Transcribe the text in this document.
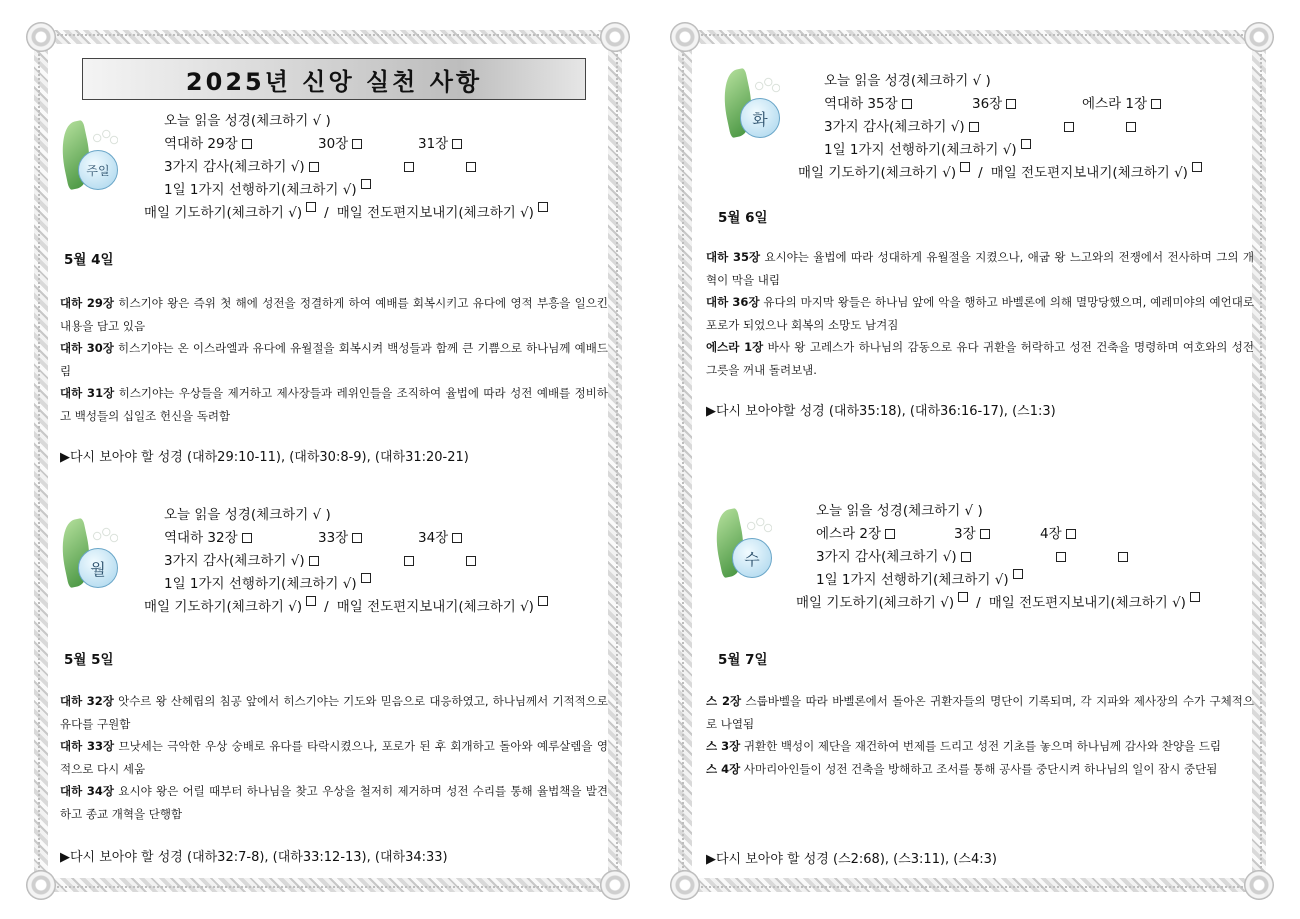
2025년 신앙 실천 사항
주일
오늘 읽을 성경(체크하기 √ )
역대하 29장	30장	31장
3가지 감사(체크하기 √)
1일 1가지 선행하기(체크하기 √)
매일 기도하기(체크하기 √) / 매일 전도편지보내기(체크하기 √)
5월 4일

대하 29장 히스기야 왕은 즉위 첫 해에 성전을 정결하게 하여 예배를 회복시키고 유다에 영적 부흥을 일으킨 내용을 담고 있음

대하 30장 히스기야는 온 이스라엘과 유다에 유월절을 회복시켜 백성들과 함께 큰 기쁨으로 하나님께 예배드림

대하 31장 히스기야는 우상들을 제거하고 제사장들과 레위인들을 조직하여 율법에 따라 성전 예배를 정비하고 백성들의 십일조 헌신을 독려함

▶다시 보아야 할 성경 (대하29:10-11), (대하30:8-9), (대하31:20-21)
월
오늘 읽을 성경(체크하기 √ )
역대하 32장	33장	34장
3가지 감사(체크하기 √)
1일 1가지 선행하기(체크하기 √)
매일 기도하기(체크하기 √) / 매일 전도편지보내기(체크하기 √)
5월 5일

대하 32장 앗수르 왕 산헤립의 침공 앞에서 히스기야는 기도와 믿음으로 대응하였고, 하나님께서 기적적으로 유다를 구원함

대하 33장 므낫세는 극악한 우상 숭배로 유다를 타락시켰으나, 포로가 된 후 회개하고 돌아와 예루살렘을 영적으로 다시 세움

대하 34장 요시야 왕은 어릴 때부터 하나님을 찾고 우상을 철저히 제거하며 성전 수리를 통해 율법책을 발견하고 종교 개혁을 단행함

▶다시 보아야 할 성경 (대하32:7-8), (대하33:12-13), (대하34:33)
화
오늘 읽을 성경(체크하기 √ )
역대하 35장	36장	에스라 1장
3가지 감사(체크하기 √)
1일 1가지 선행하기(체크하기 √)
매일 기도하기(체크하기 √) / 매일 전도편지보내기(체크하기 √)
5월 6일

대하 35장 요시야는 율법에 따라 성대하게 유월절을 지켰으나, 애굽 왕 느고와의 전쟁에서 전사하며 그의 개혁이 막을 내림

대하 36장 유다의 마지막 왕들은 하나님 앞에 악을 행하고 바벨론에 의해 멸망당했으며, 예레미야의 예언대로 포로가 되었으나 회복의 소망도 남겨짐

에스라 1장 바사 왕 고레스가 하나님의 감동으로 유다 귀환을 허락하고 성전 건축을 명령하며 여호와의 성전 그릇을 꺼내 돌려보냄.

▶다시 보아야할 성경 (대하35:18), (대하36:16-17), (스1:3)
수
오늘 읽을 성경(체크하기 √ )
에스라 2장	3장	4장
3가지 감사(체크하기 √)
1일 1가지 선행하기(체크하기 √)
매일 기도하기(체크하기 √) / 매일 전도편지보내기(체크하기 √)
5월 7일

스 2장 스룹바벨을 따라 바벨론에서 돌아온 귀환자들의 명단이 기록되며, 각 지파와 제사장의 수가 구체적으로 나열됨

스 3장 귀환한 백성이 제단을 재건하여 번제를 드리고 성전 기초를 놓으며 하나님께 감사와 찬양을 드림

스 4장 사마리아인들이 성전 건축을 방해하고 조서를 통해 공사를 중단시켜 하나님의 일이 잠시 중단됨

▶다시 보아야 할 성경 (스2:68), (스3:11), (스4:3)
